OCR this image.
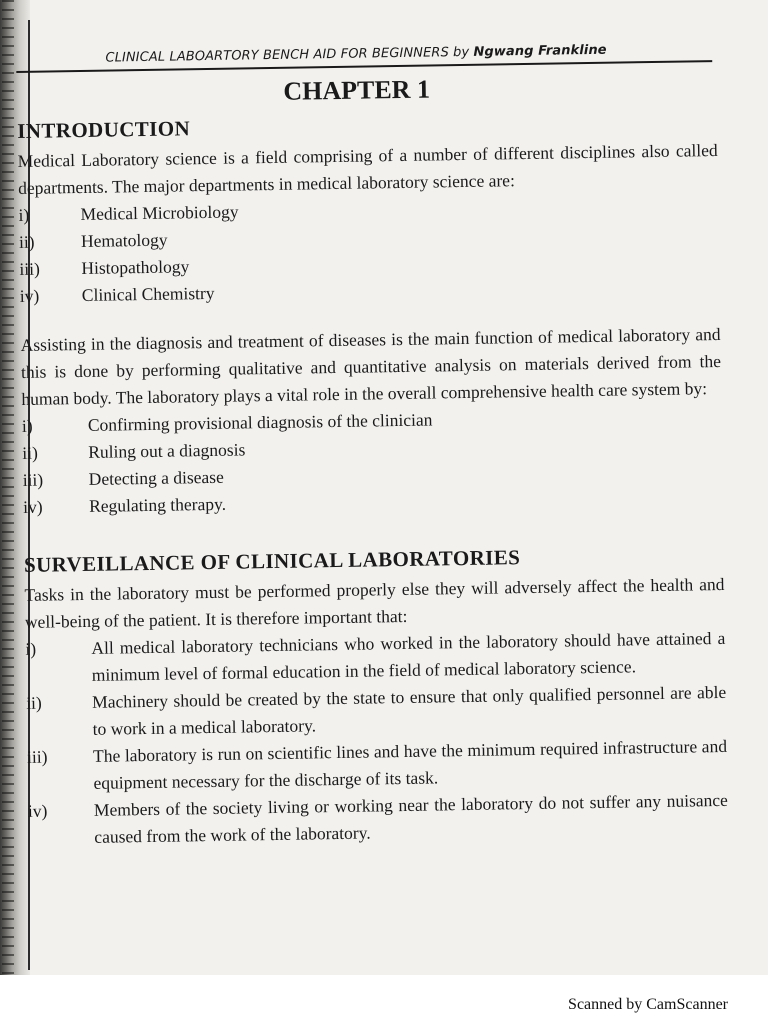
CLINICAL LABOARTORY BENCH AID FOR BEGINNERS by Ngwang Frankline
CHAPTER 1
INTRODUCTION

Medical Laboratory science is a field comprising of a number of different disciplines also called departments. The major departments in medical laboratory science are:

i)	Medical Microbiology
ii)	Hematology
iii)	Histopathology
iv)	Clinical Chemistry

Assisting in the diagnosis and treatment of diseases is the main function of medical laboratory and this is done by performing qualitative and quantitative analysis on materials derived from the human body. The laboratory plays a vital role in the overall comprehensive health care system by:

i)	Confirming provisional diagnosis of the clinician
ii)	Ruling out a diagnosis
iii)	Detecting a disease
iv)	Regulating therapy.
SURVEILLANCE OF CLINICAL LABORATORIES

Tasks in the laboratory must be performed properly else they will adversely affect the health and well-being of the patient. It is therefore important that:

i)	All medical laboratory technicians who worked in the laboratory should have attained a minimum level of formal education in the field of medical laboratory science.
ii)	Machinery should be created by the state to ensure that only qualified personnel are able to work in a medical laboratory.
iii)	The laboratory is run on scientific lines and have the minimum required infrastructure and equipment necessary for the discharge of its task.
iv)	Members of the society living or working near the laboratory do not suffer any nuisance caused from the work of the laboratory.
Scanned by CamScanner
